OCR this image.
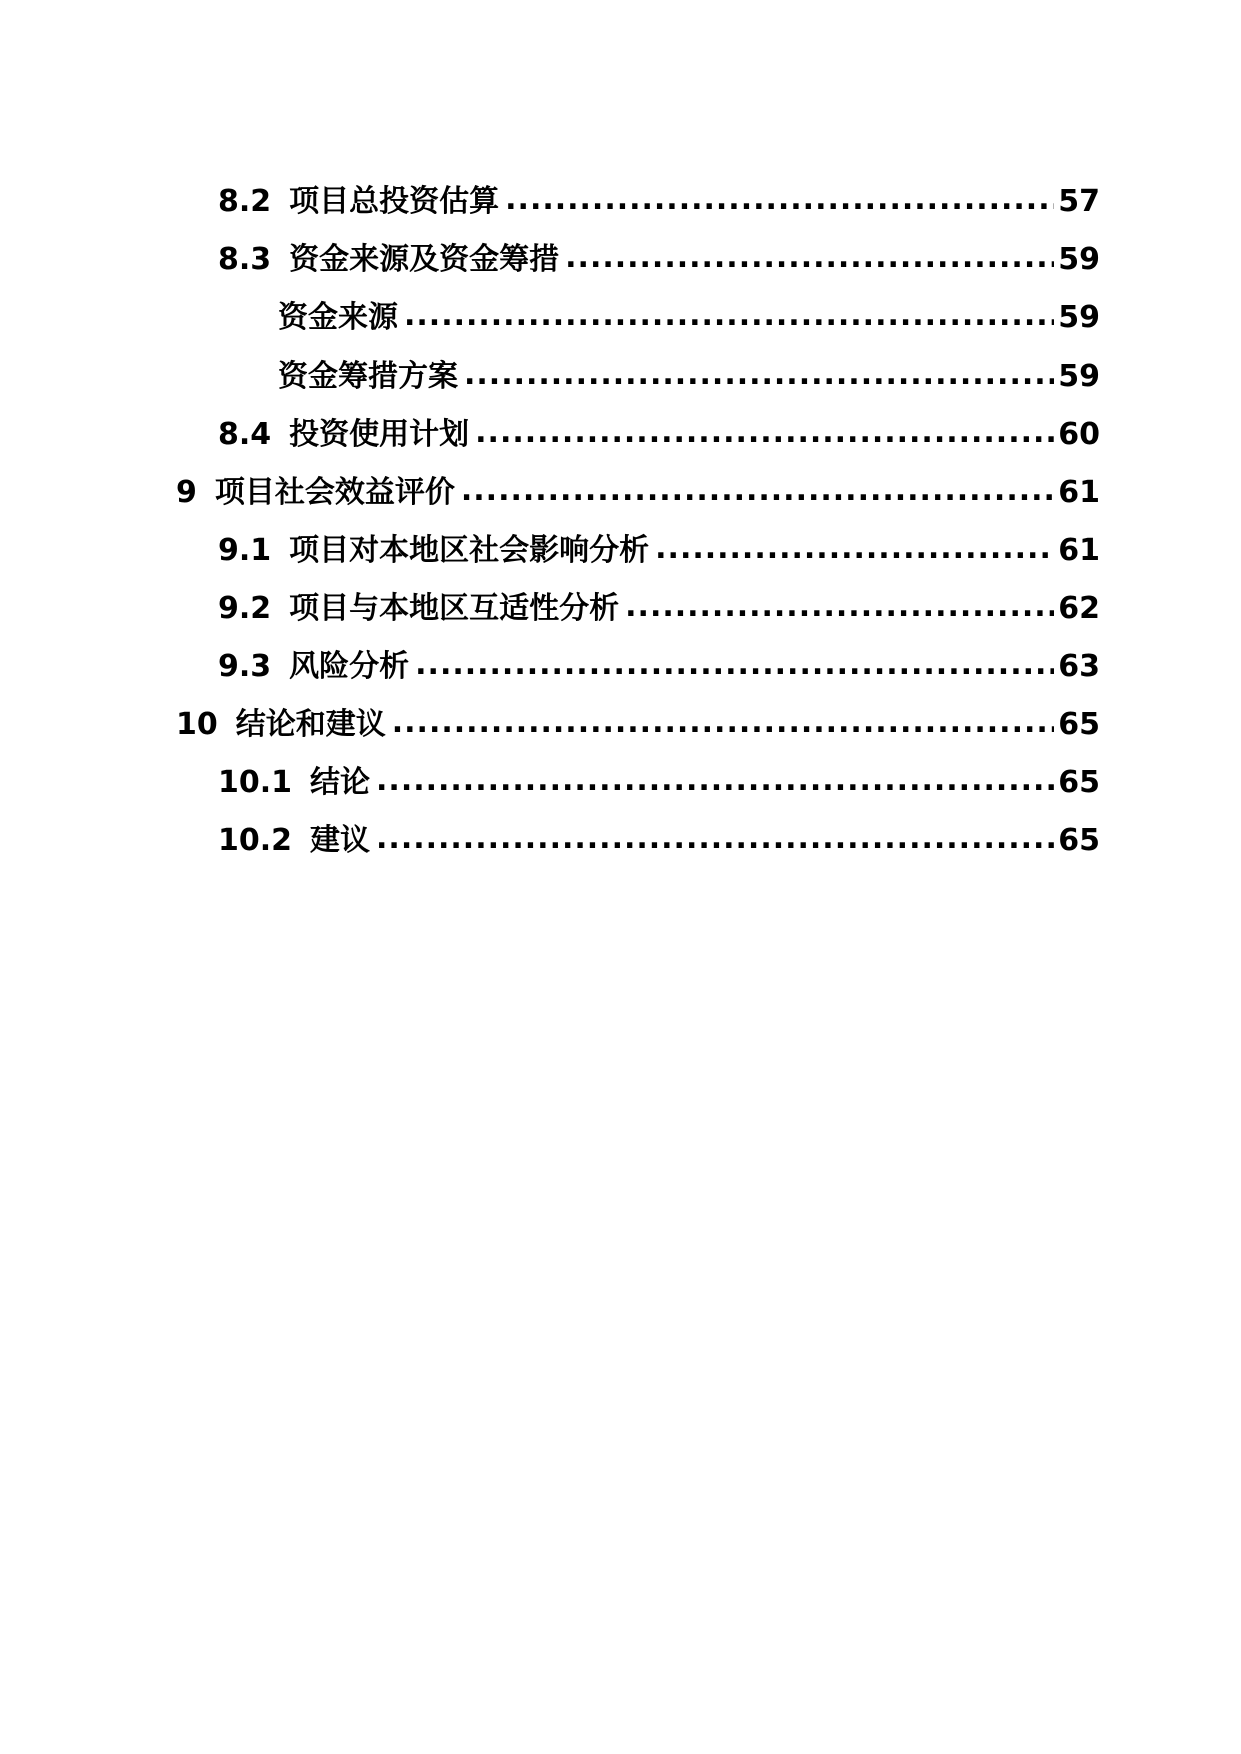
8.2 项目总投资估算 .....	57
8.3 资金来源及资金筹措 .....	59
资金来源 .....	59
资金筹措方案 .....	59
8.4 投资使用计划 .....	60
9 项目社会效益评价 .....	61
9.1 项目对本地区社会影响分析 .....	61
9.2 项目与本地区互适性分析 .....	62
9.3 风险分析 .....	63
10 结论和建议 .....	65
10.1 结论 .....	65
10.2 建议 .....	65
